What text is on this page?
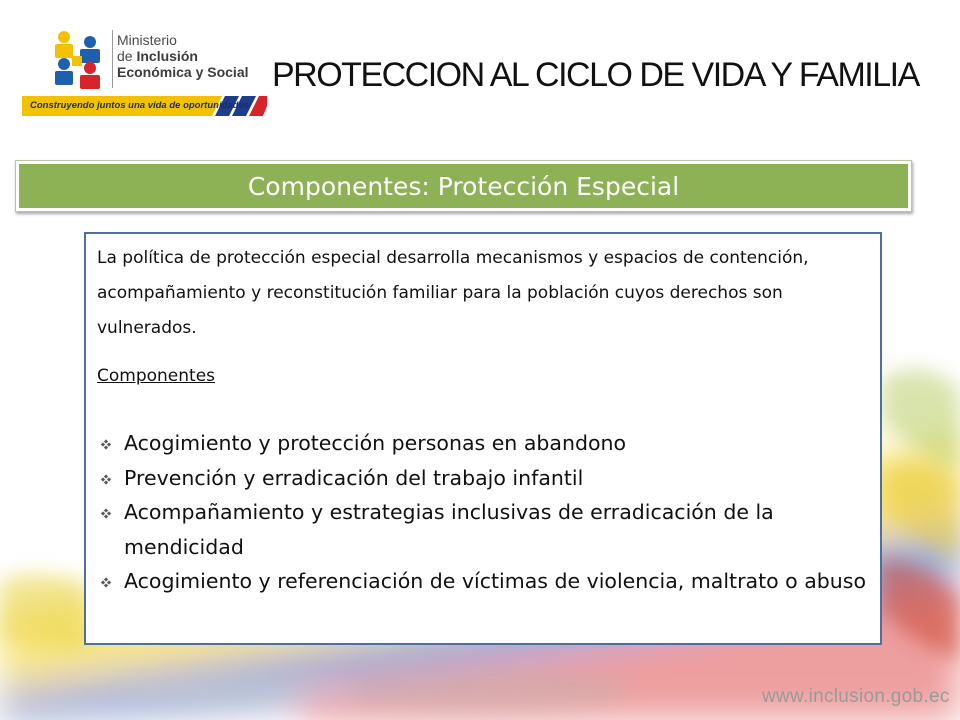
Ministerio
de Inclusión
Económica y Social
Construyendo juntos una vida de oportunidades
PROTECCION AL CICLO DE VIDA Y FAMILIA
Componentes: Protección Especial

La política de protección especial desarrolla mecanismos y espacios de contención, acompañamiento y reconstitución familiar para la población cuyos derechos son vulnerados.

Componentes

Acogimiento y protección personas en abandono
Prevención y erradicación del trabajo infantil
Acompañamiento y estrategias inclusivas de erradicación de la mendicidad
Acogimiento y referenciación de víctimas de violencia, maltrato o abuso
www.inclusion.gob.ec
